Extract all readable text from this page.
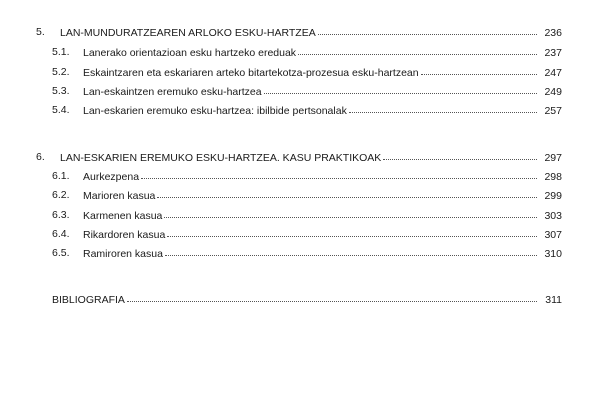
5. LAN-MUNDURATZEAREN ARLOKO ESKU-HARTZEA	236
5.1. Lanerako orientazioan esku hartzeko ereduak	237
5.2. Eskaintzaren eta eskariaren arteko bitartekotza-prozesua esku-hartzean	247
5.3. Lan-eskaintzen eremuko esku-hartzea	249
5.4. Lan-eskarien eremuko esku-hartzea: ibilbide pertsonalak	257
6. LAN-ESKARIEN EREMUKO ESKU-HARTZEA. KASU PRAKTIKOAK	297
6.1. Aurkezpena	298
6.2. Marioren kasua	299
6.3. Karmenen kasua	303
6.4. Rikardoren kasua	307
6.5. Ramiroren kasua	310
BIBLIOGRAFIA	311
